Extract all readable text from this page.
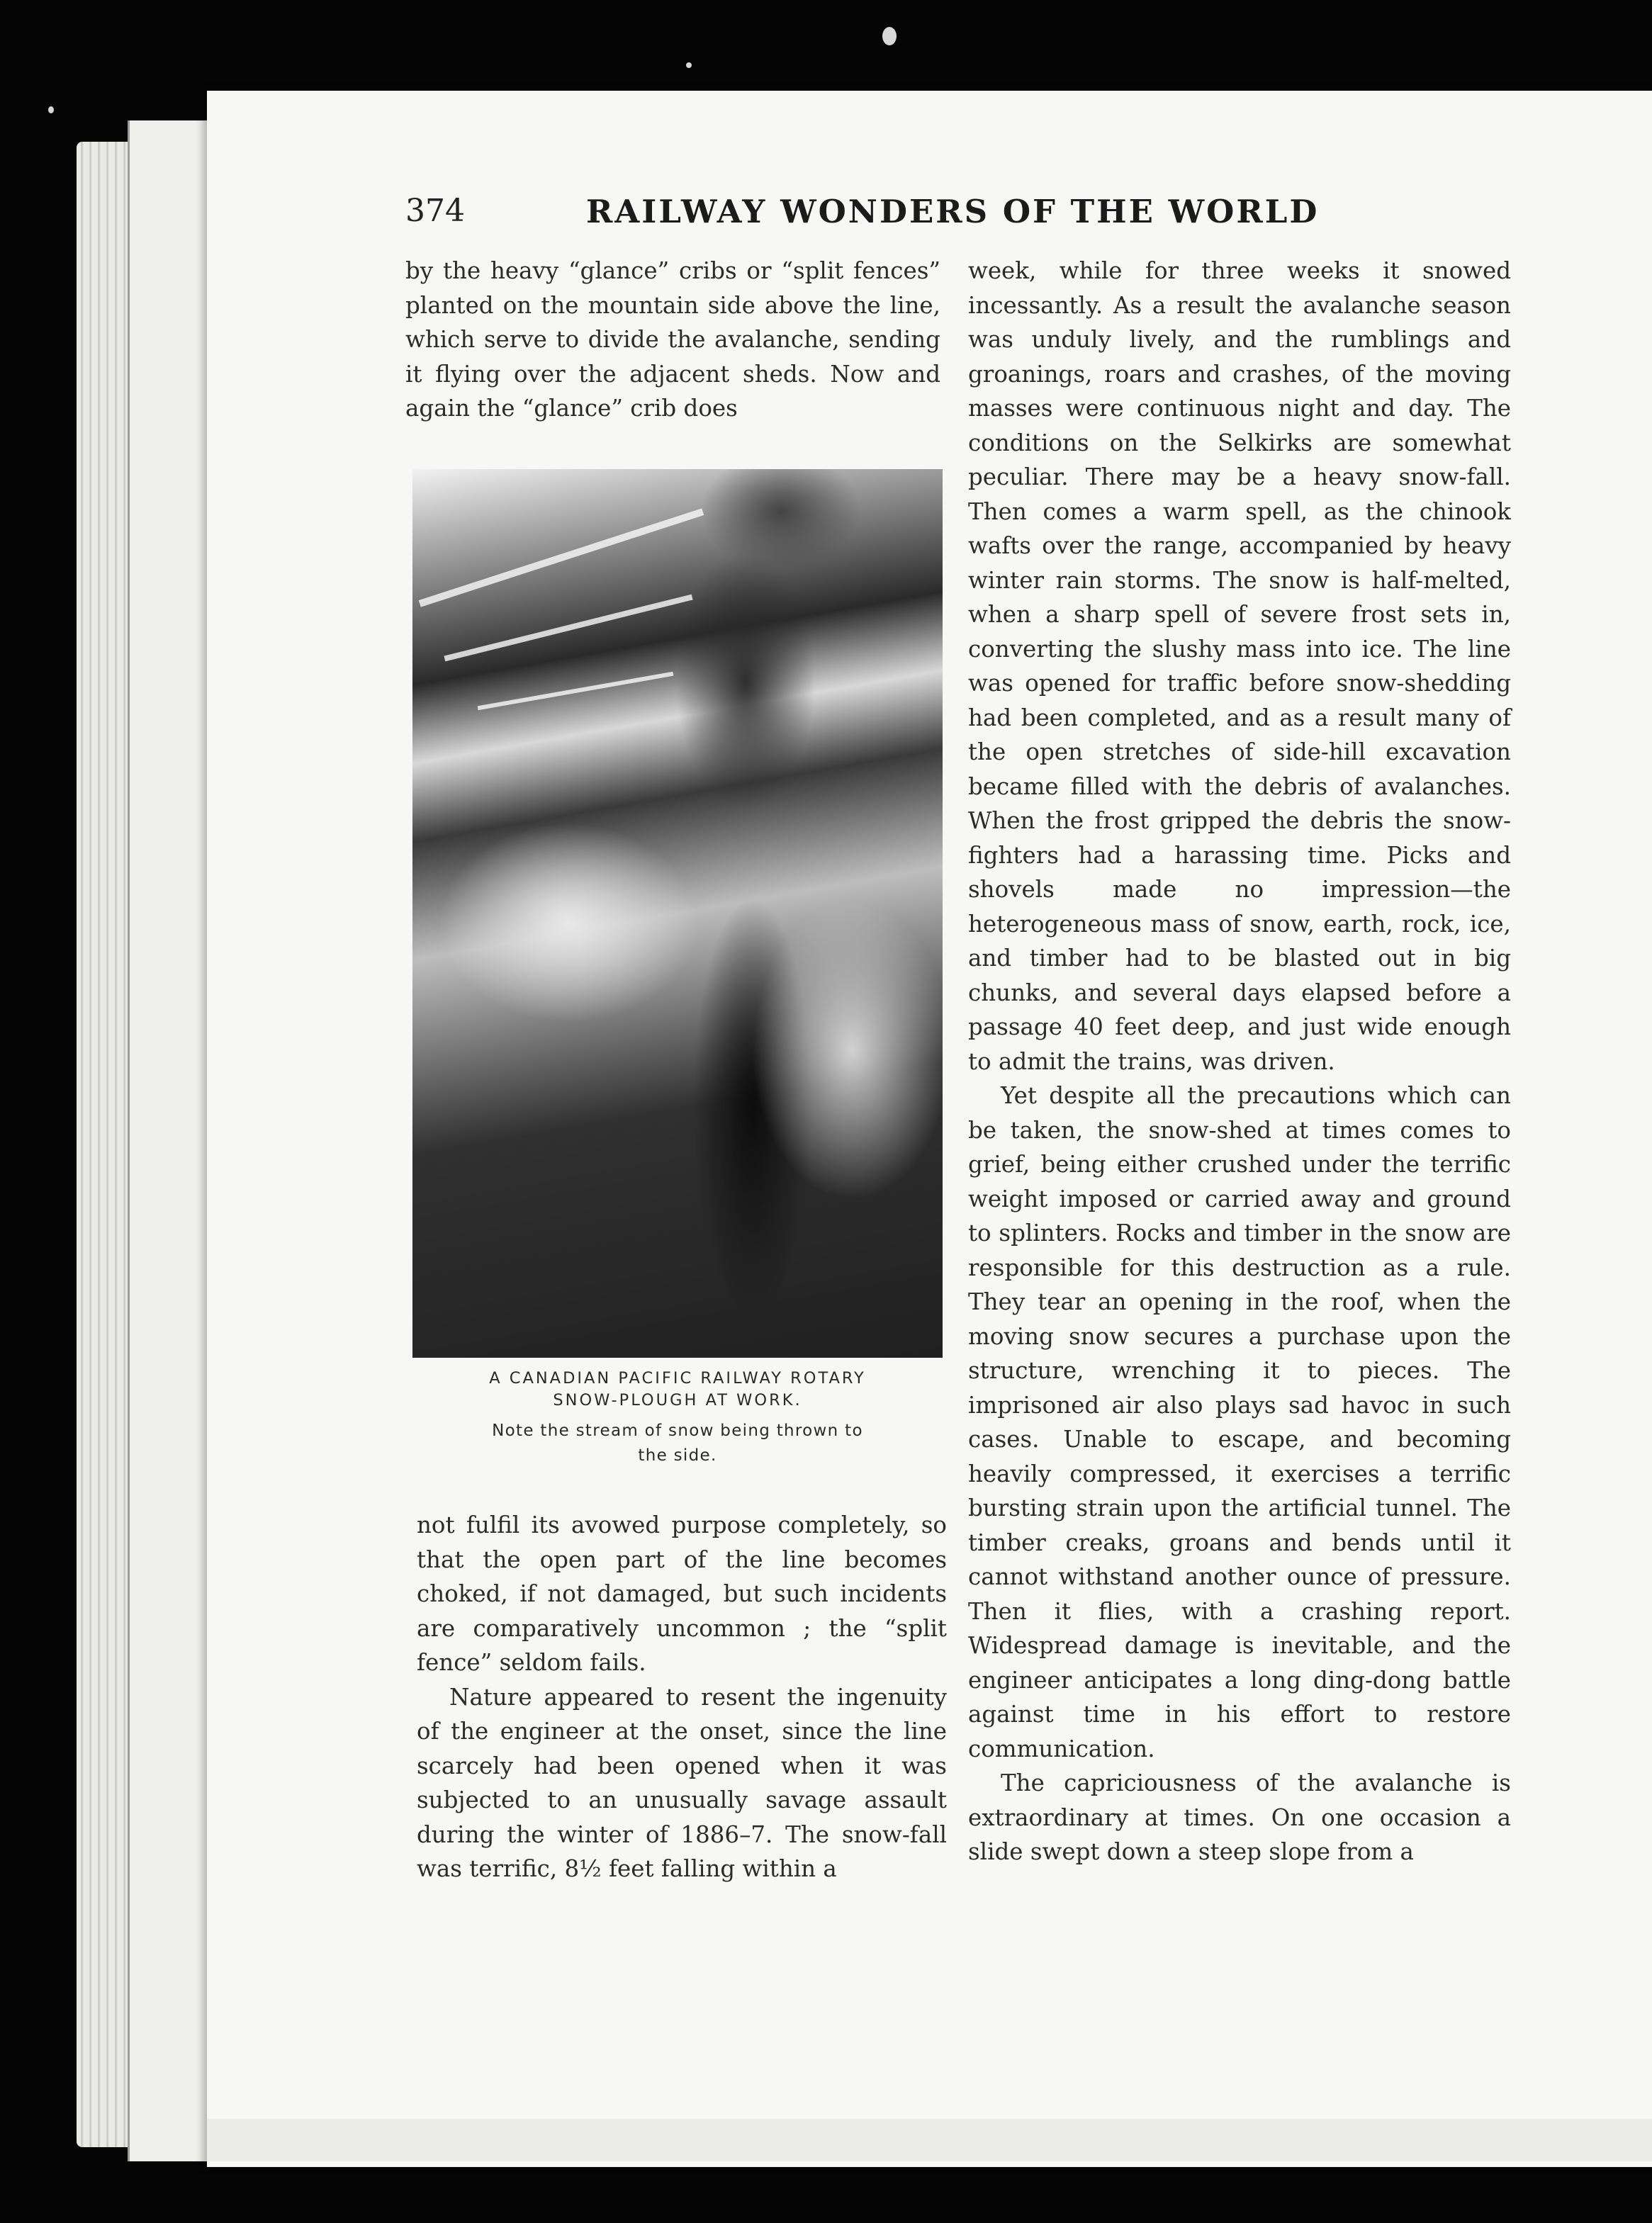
374	RAILWAY WONDERS OF THE WORLD

by the heavy “glance” cribs or “split fences” planted on the mountain side above the line, which serve to divide the avalanche, sending it flying over the adjacent sheds. Now and again the “glance” crib does

A CANADIAN PACIFIC RAILWAY ROTARY
SNOW-PLOUGH AT WORK.
Note the stream of snow being thrown to
the side.

not fulfil its avowed purpose completely, so that the open part of the line becomes choked, if not damaged, but such incidents are comparatively uncommon ; the “split fence” seldom fails.

Nature appeared to resent the ingenuity of the engineer at the onset, since the line scarcely had been opened when it was subjected to an unusually savage assault during the winter of 1886–7. The snow-fall was terrific, 8½ feet falling within a

week, while for three weeks it snowed incessantly. As a result the avalanche season was unduly lively, and the rumblings and groanings, roars and crashes, of the moving masses were continuous night and day. The conditions on the Selkirks are somewhat peculiar. There may be a heavy snow-fall. Then comes a warm spell, as the chinook wafts over the range, accompanied by heavy winter rain storms. The snow is half-melted, when a sharp spell of severe frost sets in, converting the slushy mass into ice. The line was opened for traffic before snow-shedding had been completed, and as a result many of the open stretches of side-hill excavation became filled with the debris of avalanches. When the frost gripped the debris the snow-fighters had a harassing time. Picks and shovels made no impression—the heterogeneous mass of snow, earth, rock, ice, and timber had to be blasted out in big chunks, and several days elapsed before a passage 40 feet deep, and just wide enough to admit the trains, was driven.

Yet despite all the precautions which can be taken, the snow-shed at times comes to grief, being either crushed under the terrific weight imposed or carried away and ground to splinters. Rocks and timber in the snow are responsible for this destruction as a rule. They tear an opening in the roof, when the moving snow secures a purchase upon the structure, wrenching it to pieces. The imprisoned air also plays sad havoc in such cases. Unable to escape, and becoming heavily compressed, it exercises a terrific bursting strain upon the artificial tunnel. The timber creaks, groans and bends until it cannot withstand another ounce of pressure. Then it flies, with a crashing report. Widespread damage is inevitable, and the engineer anticipates a long ding-dong battle against time in his effort to restore communication.

The capriciousness of the avalanche is extraordinary at times. On one occasion a slide swept down a steep slope from a
